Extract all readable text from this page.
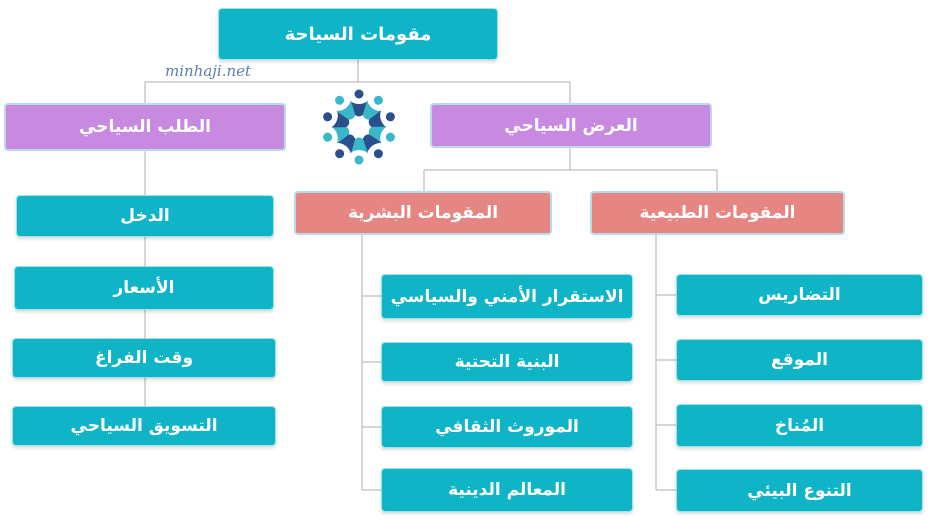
minhaji.net
مقومات السياحة
الطلب السياحي	العرض السياحي
الدخل
الأسعار
وقت الفراغ
التسويق السياحي
المقومات البشرية	المقومات الطبيعية
الاستقرار الأمني والسياسي
البنية التحتية
الموروث الثقافي
المعالم الدينية
التضاريس
الموقع
المُناخ
التنوع البيئي
